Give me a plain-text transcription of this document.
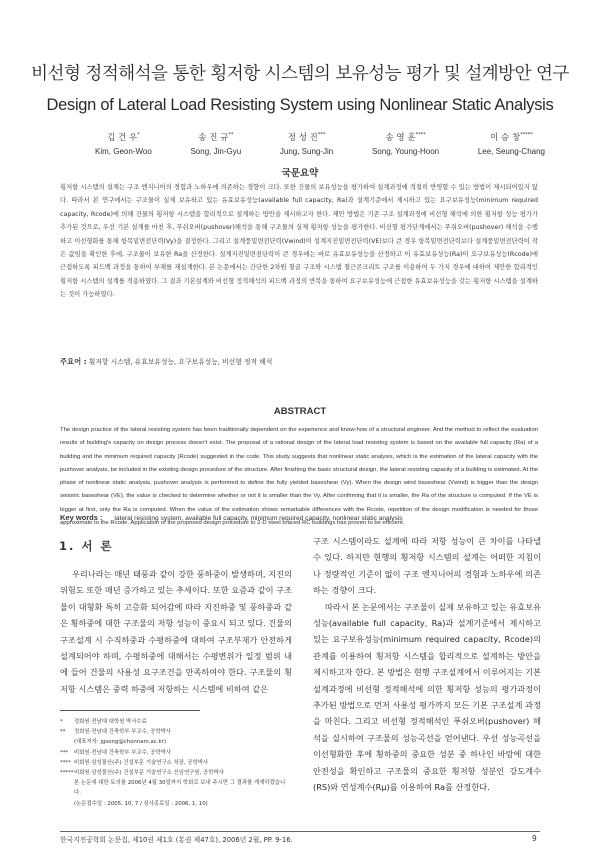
비선형 정적해석을 통한 횡저항 시스템의 보유성능 평가 및 설계방안 연구
Design of Lateral Load Resisting System using Nonlinear Static Analysis
김 건 우*
Kim, Geon-Woo
송 진 규**
Song, Jin-Gyu
정 성 진***
Jung, Sung-Jin
송 영 훈****
Song, Young-Hoon
이 승 창*****
Lee, Seung-Chang
국문요약
횡저항 시스템의 설계는 구조 엔지니어의 경험과 노하우에 의존하는 경향이 크다. 또한 건물의 보유성능을 평가하여 설계과정에 적절히 반영할 수 있는 방법이 제시되어있지 않다. 따라서 본 연구에서는 구조물이 실제 보유하고 있는 유효보유성능(available full capacity, Ra)과 설계기준에서 제시하고 있는 요구보유성능(minimum required capacity, Rcode)에 의해 건물의 횡저항 시스템을 합리적으로 설계하는 방안을 제시하고자 한다. 제안 방법은 기존 구조 설계과정에 비선형 해석에 의한 횡저항 성능 평가가 추가된 것으로, 우선 기본 설계를 마친 후, 푸쉬오버(pushover)해석을 통해 구조물의 실제 횡저항 성능을 평가한다. 비선형 평가단계에서는 푸쉬오버(pushover) 해석을 수행하고 이선형화를 통해 항복밑면전단력(Vy)을 결정한다. 그리고 설계풍밑면전단력(Vwind)이 설계지진밑면전단력(VE)보다 큰 경우 항복밑면전단력보다 설계풍밑면전단력이 작은 값임을 확인한 후에, 구조물이 보유한 Ra을 산정한다. 설계지진밑면전단력이 큰 경우에는 바로 유효보유성능을 산정하고 이 유효보유성능(Ra)이 요구보유성능(Rcode)에 근접하도록 피드백 과정을 통하여 부재를 재설계한다. 본 논문에서는 간단한 2차원 철골 구조와 시스템 철근콘크리트 구조를 이용하여 두 가지 경우에 대하여 제안한 합리적인 횡저항 시스템의 설계를 적용하였다. 그 결과 기본설계와 비선형 정적해석의 피드백 과정의 반복을 통하여 요구보유성능에 근접한 유효보유성능을 갖는 횡저항 시스템을 설계하는 것이 가능하였다.
주요어 : 횡저항 시스템, 유효보유성능, 요구보유성능, 비선형 정적 해석
ABSTRACT
The design practice of the lateral resisting system has been traditionally dependent on the experience and know-how of a structural engineer. And the method to reflect the evaluation results of building's capacity on design process doesn't exist. The proposal of a rational design of the lateral load resisting system is based on the available full capacity (Ra) of a building and the minimum required capacity (Rcode) suggested in the code. This study suggests that nonlinear static analysis, which is the estimation of the lateral capacity with the pushover analysis, be included in the existing design procedure of the structure. After finishing the basic structural design, the lateral resisting capacity of a building is estimated. At the phase of nonlinear static analysis, pushover analysis is performed to define the fully yielded baseshear (Vy). When the design wind baseshear (Vwind) is bigger than the design seismic baseshear (VE), the value is checked to determine whether or not it is smaller than the Vy. After confirming that it is smaller, the Ra of the structure is computed. If the VE is bigger at first, only the Ra is computed. When the value of the estimation shows remarkable differences with the Rcode, repetition of the design modification is needed for those approximate to the Rcode. Application of the proposed design procedure to 2-D steel braced RC buildings has proven to be efficient.
Key words : lateral resisting system, available full capacity, minimum required capacity, nonlinear static analysis
1. 서 론

우리나라는 매년 태풍과 같이 강한 풍하중이 발생하며, 지진의 위험도 또한 매년 증가하고 있는 추세이다. 또한 요즘과 같이 구조물이 대형화 특히 고층화 되어감에 따라 지진하중 및 풍하중과 같은 횡하중에 대한 구조물의 저항 성능이 중요시 되고 있다. 건물의 구조설계 시 수직하중과 수평하중에 대하여 구조부재가 안전하게 설계되어야 하며, 수평하중에 대해서는 수평변위가 일정 범위 내에 들어 건물의 사용성 요구조건을 만족하여야 한다. 구조물의 횡저항 시스템은 중력 하중에 저항하는 시스템에 비하여 같은

구조 시스템이라도 설계에 따라 저항 성능이 큰 차이를 나타낼 수 있다. 하지만 현행의 횡저항 시스템의 설계는 어떠한 지침이나 정량적인 기준이 없이 구조 엔지니어의 경험과 노하우에 의존하는 경향이 크다.

따라서 본 논문에서는 구조물이 실제 보유하고 있는 유효보유성능(available full capacity, Ra)과 설계기준에서 제시하고 있는 요구보유성능(minimum required capacity, Rcode)의 관계를 이용하여 횡저항 시스템을 합리적으로 설계하는 방안을 제시하고자 한다. 본 방법은 현행 구조설계에서 이루어지는 기본 설계과정에 비선형 정적해석에 의한 횡저항 성능의 평가과정이 추가된 방법으로 먼저 사용성 평가까지 모든 기본 구조설계 과정을 마친다. 그리고 비선형 정적해석인 푸쉬오버(pushover) 해석을 실시하여 구조물의 성능곡선을 얻어낸다. 우선 성능곡선을 이선형화한 후에 횡하중의 중요한 성분 중 하나인 바람에 대한 안전성을 확인하고 구조물의 중요한 횡저항 성분인 강도계수(RS)와 연성계수(Rμ)를 이용하여 Ra를 산정한다.

*	정회원·전남대 대학원 박사수료
**	정회원·전남대 건축학부 부교수, 공학박사
(대표저자: jgsong@chonnam.ac.kr)
***	비회원·전남대 건축학부 부교수, 공학박사
**** 비회원·삼성물산(주) 건설부문 기술연구소 차장, 공학박사
***** 비회원·삼성물산(주) 건설부문 기술연구소 선임연구원, 공학박사
본 논문에 대한 토의를 2006년 4월 30일까지 학회로 보내 주시면 그 결과를 게재하겠습니다.
(논문접수일 : 2005, 10, 7 / 심사종료일 : 2006, 1, 10)
한국지진공학회 논문집, 제10권 제1호 (통권 제47호), 2006년 2월, PP. 9-16.	9
